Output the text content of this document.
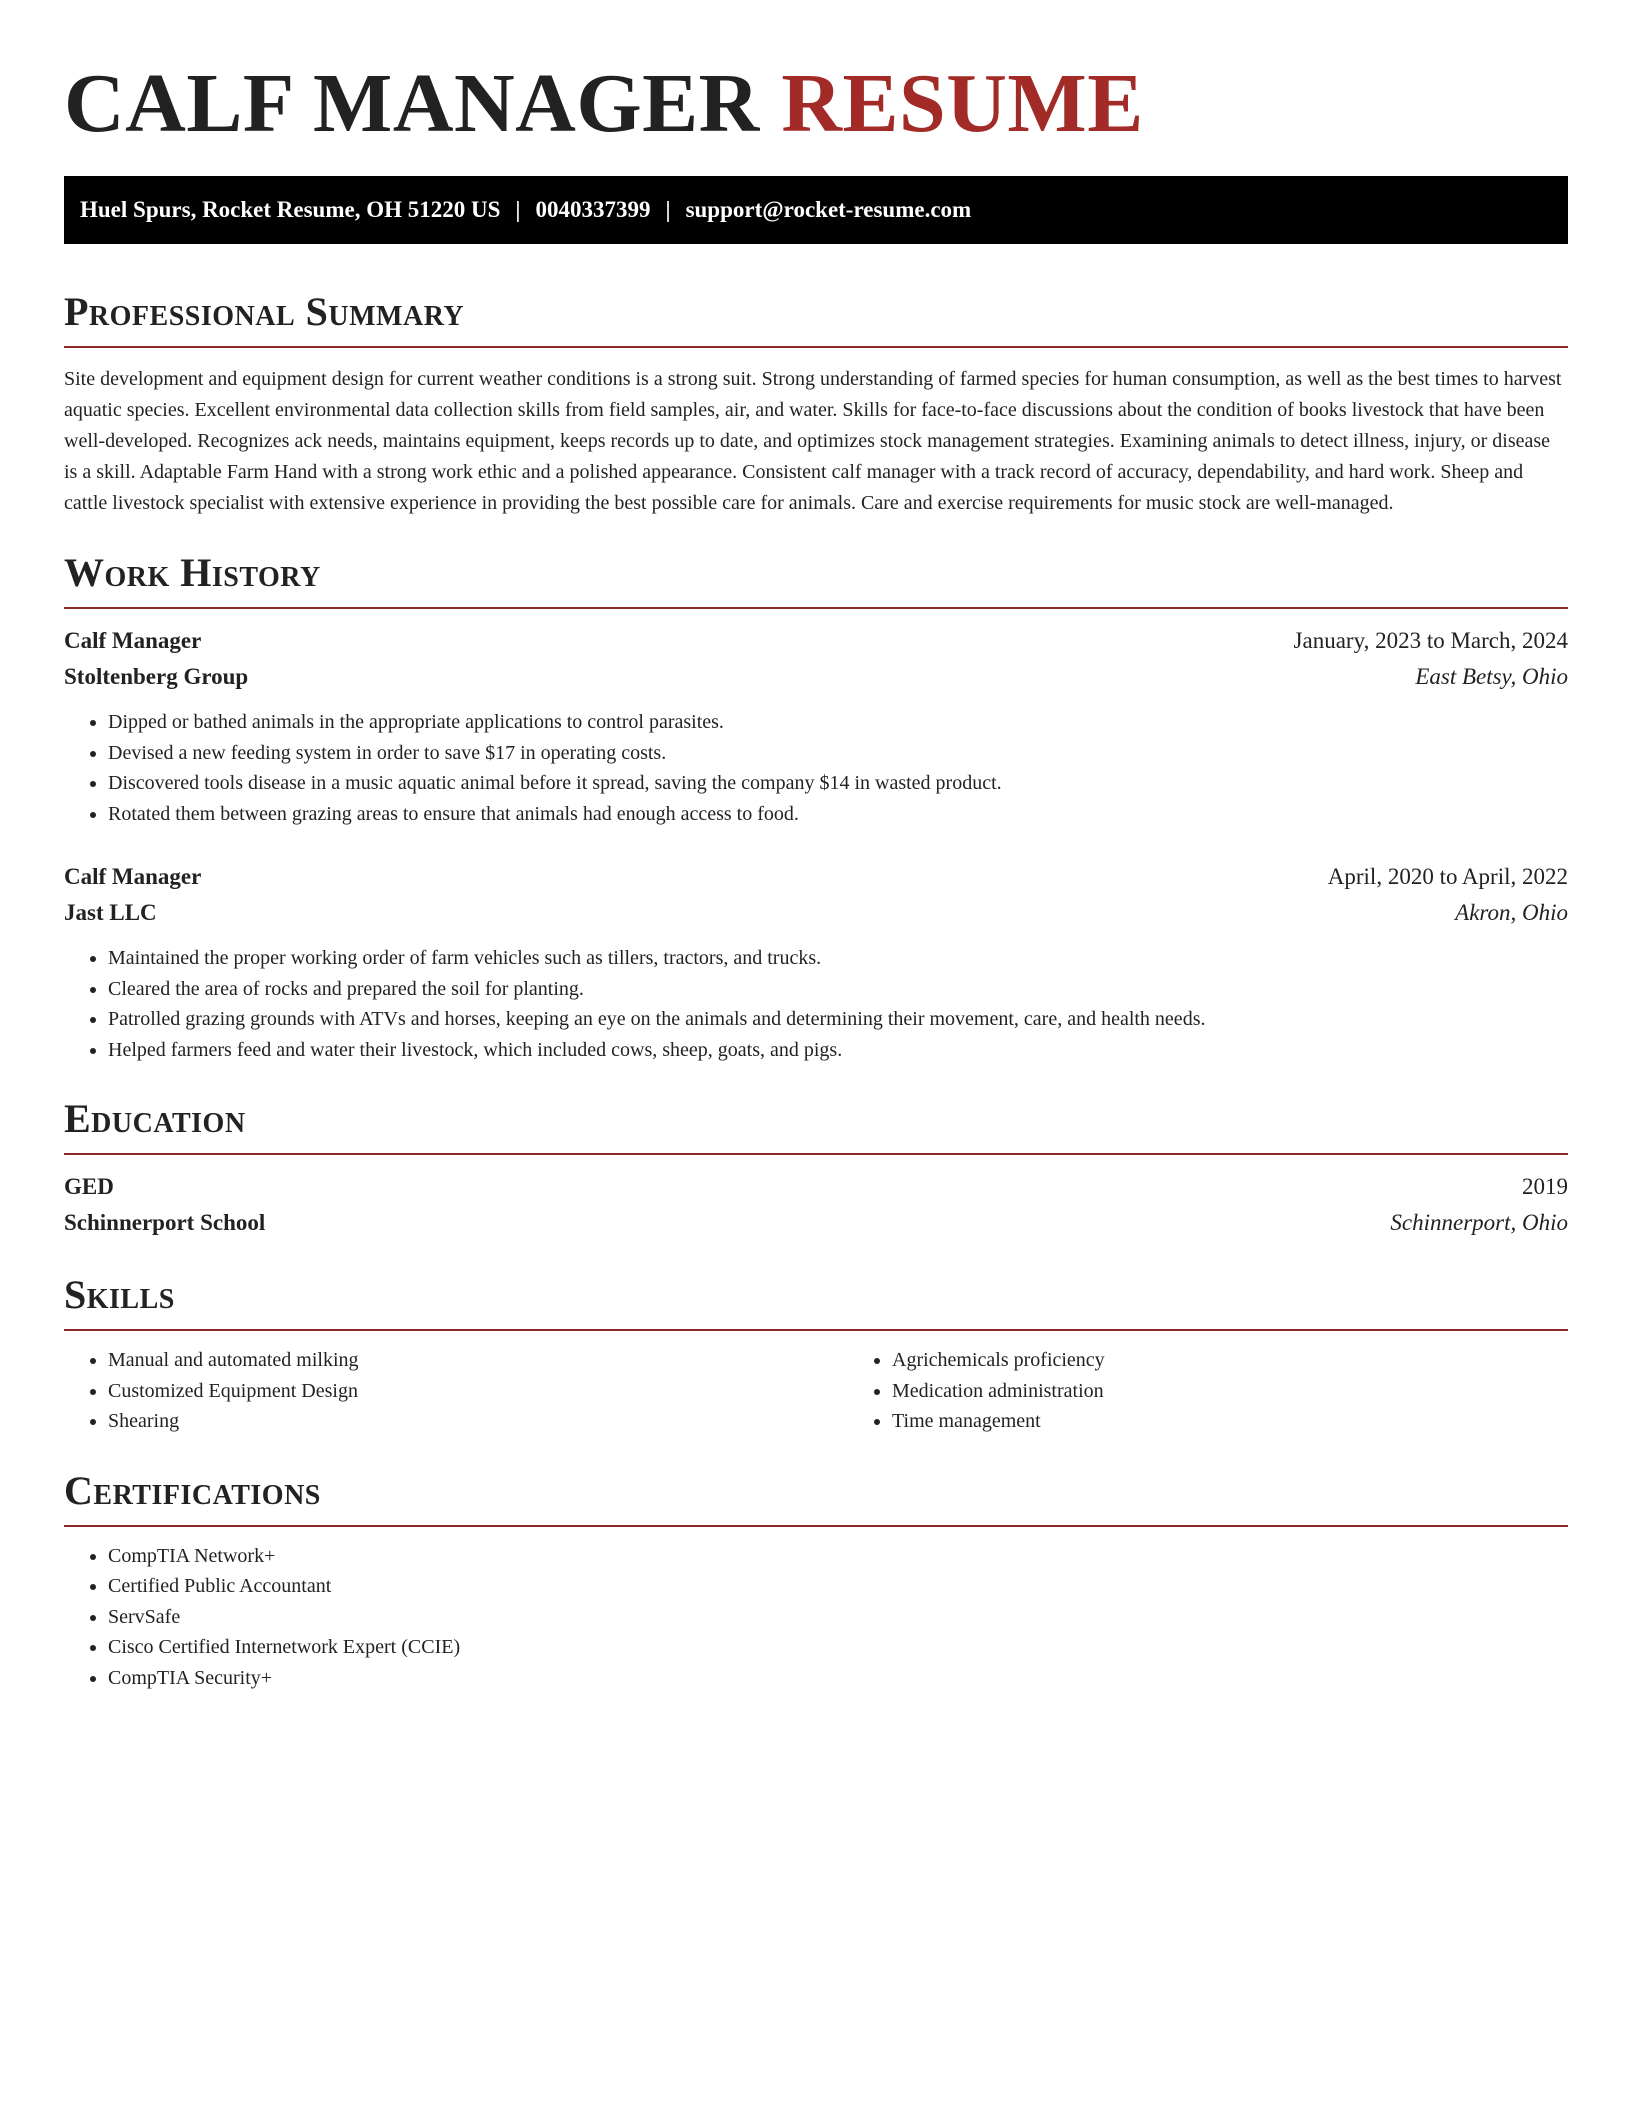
CALF MANAGER RESUME
Huel Spurs, Rocket Resume, OH 51220 US | 0040337399 | support@rocket-resume.com
Professional Summary

Site development and equipment design for current weather conditions is a strong suit. Strong understanding of farmed species for human consumption, as well as the best times to harvest aquatic species. Excellent environmental data collection skills from field samples, air, and water. Skills for face-to-face discussions about the condition of books livestock that have been well-developed. Recognizes ack needs, maintains equipment, keeps records up to date, and optimizes stock management strategies. Examining animals to detect illness, injury, or disease is a skill. Adaptable Farm Hand with a strong work ethic and a polished appearance. Consistent calf manager with a track record of accuracy, dependability, and hard work. Sheep and cattle livestock specialist with extensive experience in providing the best possible care for animals. Care and exercise requirements for music stock are well-managed.

Work History
Calf Manager	January, 2023 to March, 2024
Stoltenberg Group	East Betsy, Ohio
• Dipped or bathed animals in the appropriate applications to control parasites.
• Devised a new feeding system in order to save $17 in operating costs.
• Discovered tools disease in a music aquatic animal before it spread, saving the company $14 in wasted product.
• Rotated them between grazing areas to ensure that animals had enough access to food.
Calf Manager	April, 2020 to April, 2022
Jast LLC	Akron, Ohio
• Maintained the proper working order of farm vehicles such as tillers, tractors, and trucks.
• Cleared the area of rocks and prepared the soil for planting.
• Patrolled grazing grounds with ATVs and horses, keeping an eye on the animals and determining their movement, care, and health needs.
• Helped farmers feed and water their livestock, which included cows, sheep, goats, and pigs.
Education
GED	2019
Schinnerport School	Schinnerport, Ohio
Skills
• Manual and automated milking
• Customized Equipment Design
• Shearing
• Agrichemicals proficiency
• Medication administration
• Time management
Certifications
• CompTIA Network+
• Certified Public Accountant
• ServSafe
• Cisco Certified Internetwork Expert (CCIE)
• CompTIA Security+
